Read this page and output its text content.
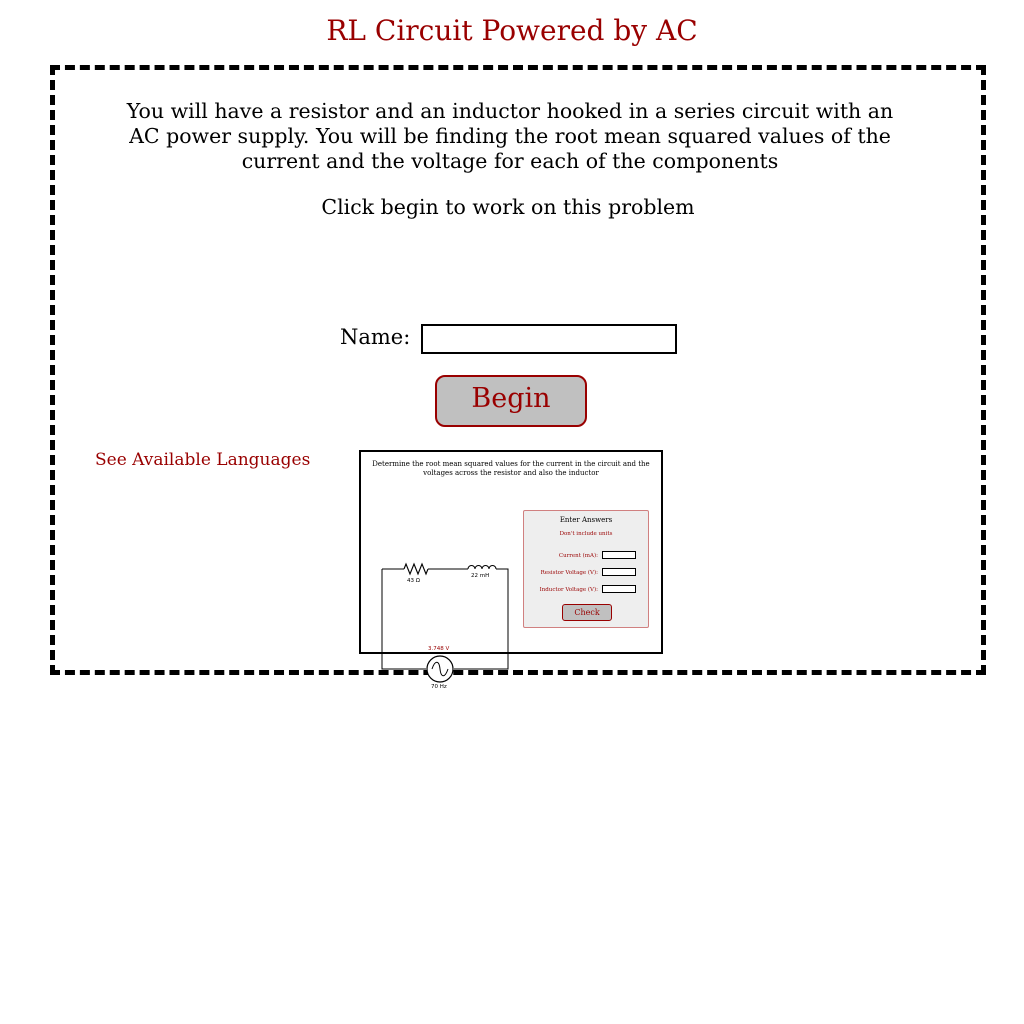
RL Circuit Powered by AC

You will have a resistor and an inductor hooked in a series circuit with an AC power supply. You will be finding the root mean squared values of the current and the voltage for each of the components

Click begin to work on this problem

Name:
Begin
See Available Languages	Determine the root mean squared values for the current in the circuit and the voltages across the resistor and also the inductor

43 Ω
22 mH
3.748 V
70 Hz
Enter Answers
Don't include units
Current (mA):
Resistor Voltage (V):
Inductor Voltage (V):
Check
